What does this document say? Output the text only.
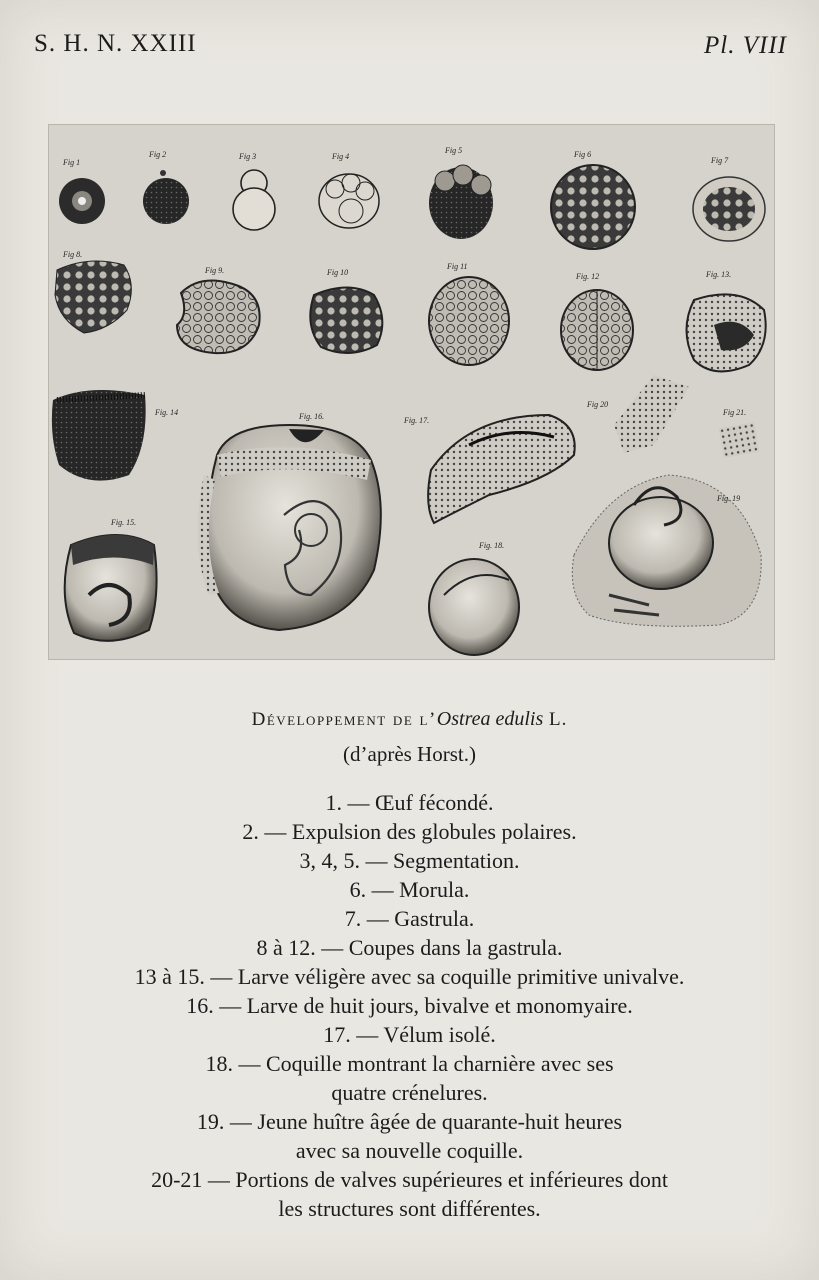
S. H. N. XXIII	Pl. VIII
Fig 1
Fig 2	Fig 3	Fig 4
Fig 5	Fig 6
Fig 7
Fig 8.
Fig 9.	Fig 10
Fig 11
Fig. 12	Fig. 13.
Fig. 14
Fig. 15.
Fig. 16.	Fig. 17.
Fig. 18.
Fig. 19
Fig 20
Fig 21.
Développement de l’Ostrea edulis L.
(d’après Horst.)
1. — Œuf fécondé.
2. — Expulsion des globules polaires.
3, 4, 5. — Segmentation.
6. — Morula.
7. — Gastrula.
8 à 12. — Coupes dans la gastrula.
13 à 15. — Larve véligère avec sa coquille primitive univalve.
16. — Larve de huit jours, bivalve et monomyaire.
17. — Vélum isolé.
18. — Coquille montrant la charnière avec ses
quatre crénelures.
19. — Jeune huître âgée de quarante-huit heures
avec sa nouvelle coquille.
20-21 — Portions de valves supérieures et inférieures dont
les structures sont différentes.
